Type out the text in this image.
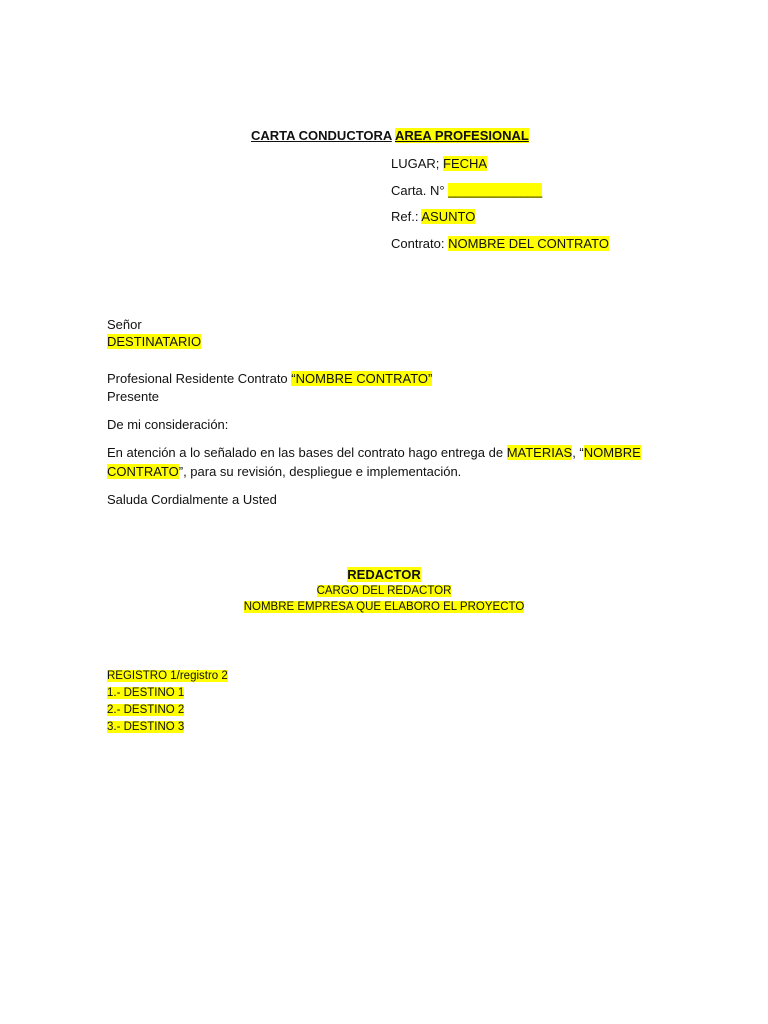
CARTA CONDUCTORA AREA PROFESIONAL
LUGAR; FECHA
Carta. N° _____________
Ref.: ASUNTO
Contrato: NOMBRE DEL CONTRATO
Señor
DESTINATARIO
Profesional Residente Contrato “NOMBRE CONTRATO”
Presente
De mi consideración:
En atención a lo señalado en las bases del contrato hago entrega de MATERIAS, “NOMBRE
CONTRATO”, para su revisión, despliegue e implementación.
Saluda Cordialmente a Usted
REDACTOR
CARGO DEL REDACTOR
NOMBRE EMPRESA QUE ELABORO EL PROYECTO
REGISTRO 1/registro 2
1.- DESTINO 1
2.- DESTINO 2
3.- DESTINO 3
